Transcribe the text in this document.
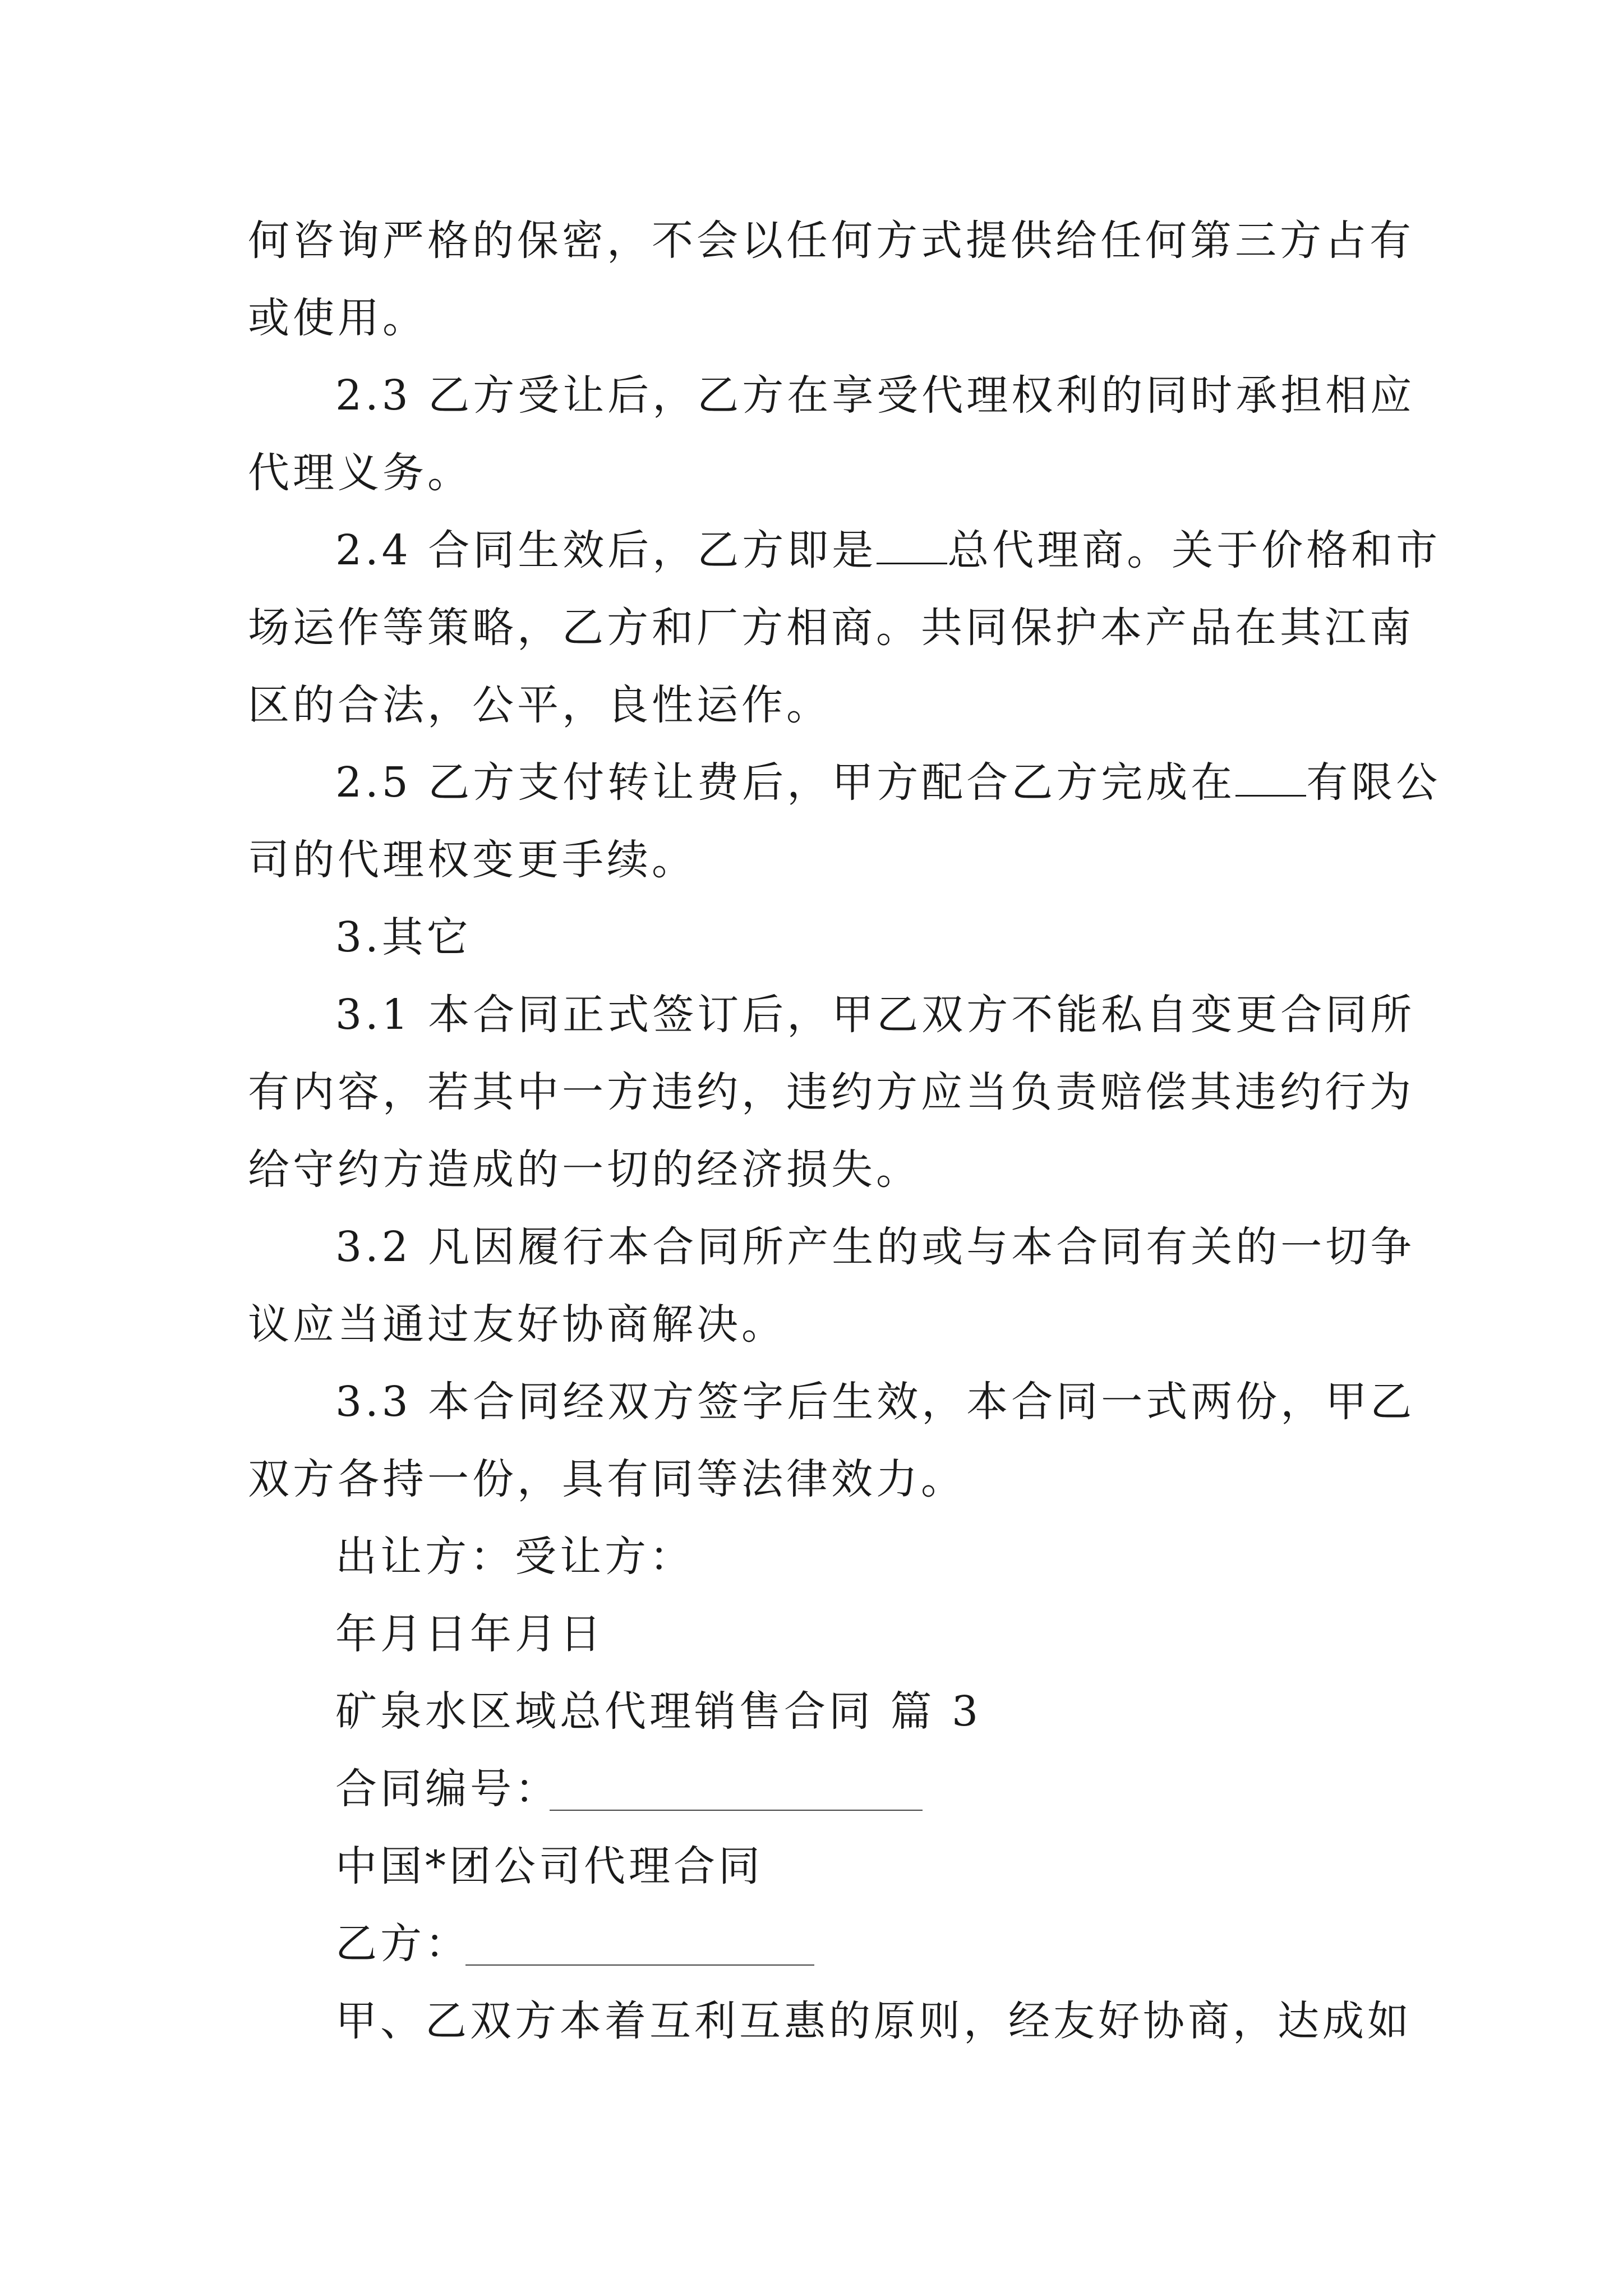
何咨询严格的保密，不会以任何方式提供给任何第三方占有
或使用。
2.3 乙方受让后，乙方在享受代理权利的同时承担相应
代理义务。
2.4 合同生效后，乙方即是 总代理商。关于价格和市
场运作等策略，乙方和厂方相商。共同保护本产品在其江南
区的合法，公平，良性运作。
2.5 乙方支付转让费后，甲方配合乙方完成在 有限公
司的代理权变更手续。
3.其它
3.1 本合同正式签订后，甲乙双方不能私自变更合同所
有内容，若其中一方违约，违约方应当负责赔偿其违约行为
给守约方造成的一切的经济损失。
3.2 凡因履行本合同所产生的或与本合同有关的一切争
议应当通过友好协商解决。
3.3 本合同经双方签字后生效，本合同一式两份，甲乙
双方各持一份，具有同等法律效力。
出让方：受让方：
年月日年月日
矿泉水区域总代理销售合同 篇 3
合同编号：
中国*团公司代理合同
乙方：
甲、乙双方本着互利互惠的原则，经友好协商，达成如
